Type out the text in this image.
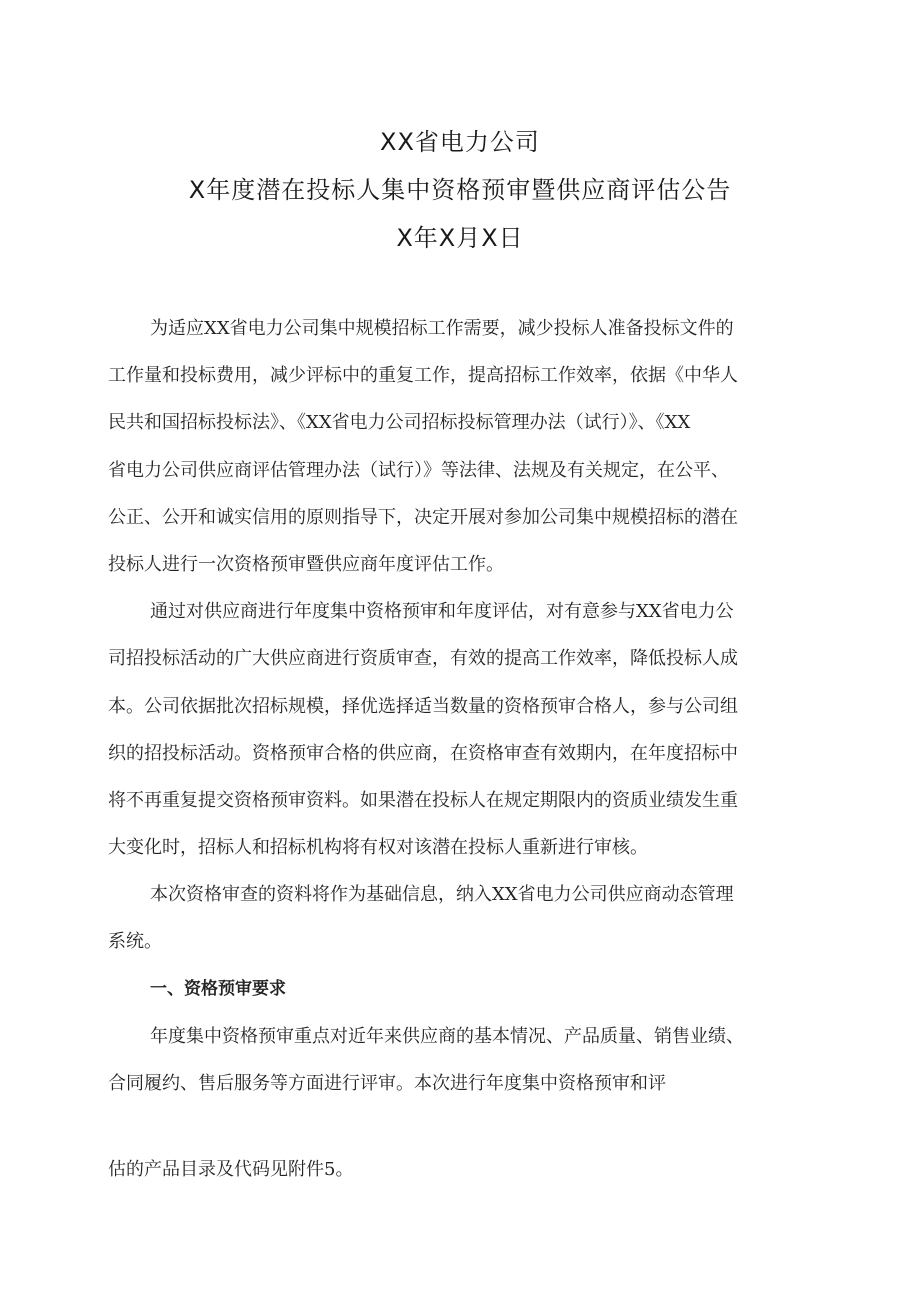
XX省电力公司
X年度潜在投标人集中资格预审暨供应商评估公告
X年X月X日
为适应XX省电力公司集中规模招标工作需要，减少投标人准备投标文件的
工作量和投标费用，减少评标中的重复工作，提高招标工作效率，依据《中华人
民共和国招标投标法》、《XX省电力公司招标投标管理办法（试行）》、《XX
省电力公司供应商评估管理办法（试行）》等法律、法规及有关规定，在公平、
公正、公开和诚实信用的原则指导下，决定开展对参加公司集中规模招标的潜在
投标人进行一次资格预审暨供应商年度评估工作。
通过对供应商进行年度集中资格预审和年度评估，对有意参与XX省电力公
司招投标活动的广大供应商进行资质审查，有效的提高工作效率，降低投标人成
本。公司依据批次招标规模，择优选择适当数量的资格预审合格人，参与公司组
织的招投标活动。资格预审合格的供应商，在资格审查有效期内，在年度招标中
将不再重复提交资格预审资料。如果潜在投标人在规定期限内的资质业绩发生重
大变化时，招标人和招标机构将有权对该潜在投标人重新进行审核。
本次资格审查的资料将作为基础信息，纳入XX省电力公司供应商动态管理
系统。
一、资格预审要求
年度集中资格预审重点对近年来供应商的基本情况、产品质量、销售业绩、
合同履约、售后服务等方面进行评审。本次进行年度集中资格预审和评
估的产品目录及代码见附件5。
